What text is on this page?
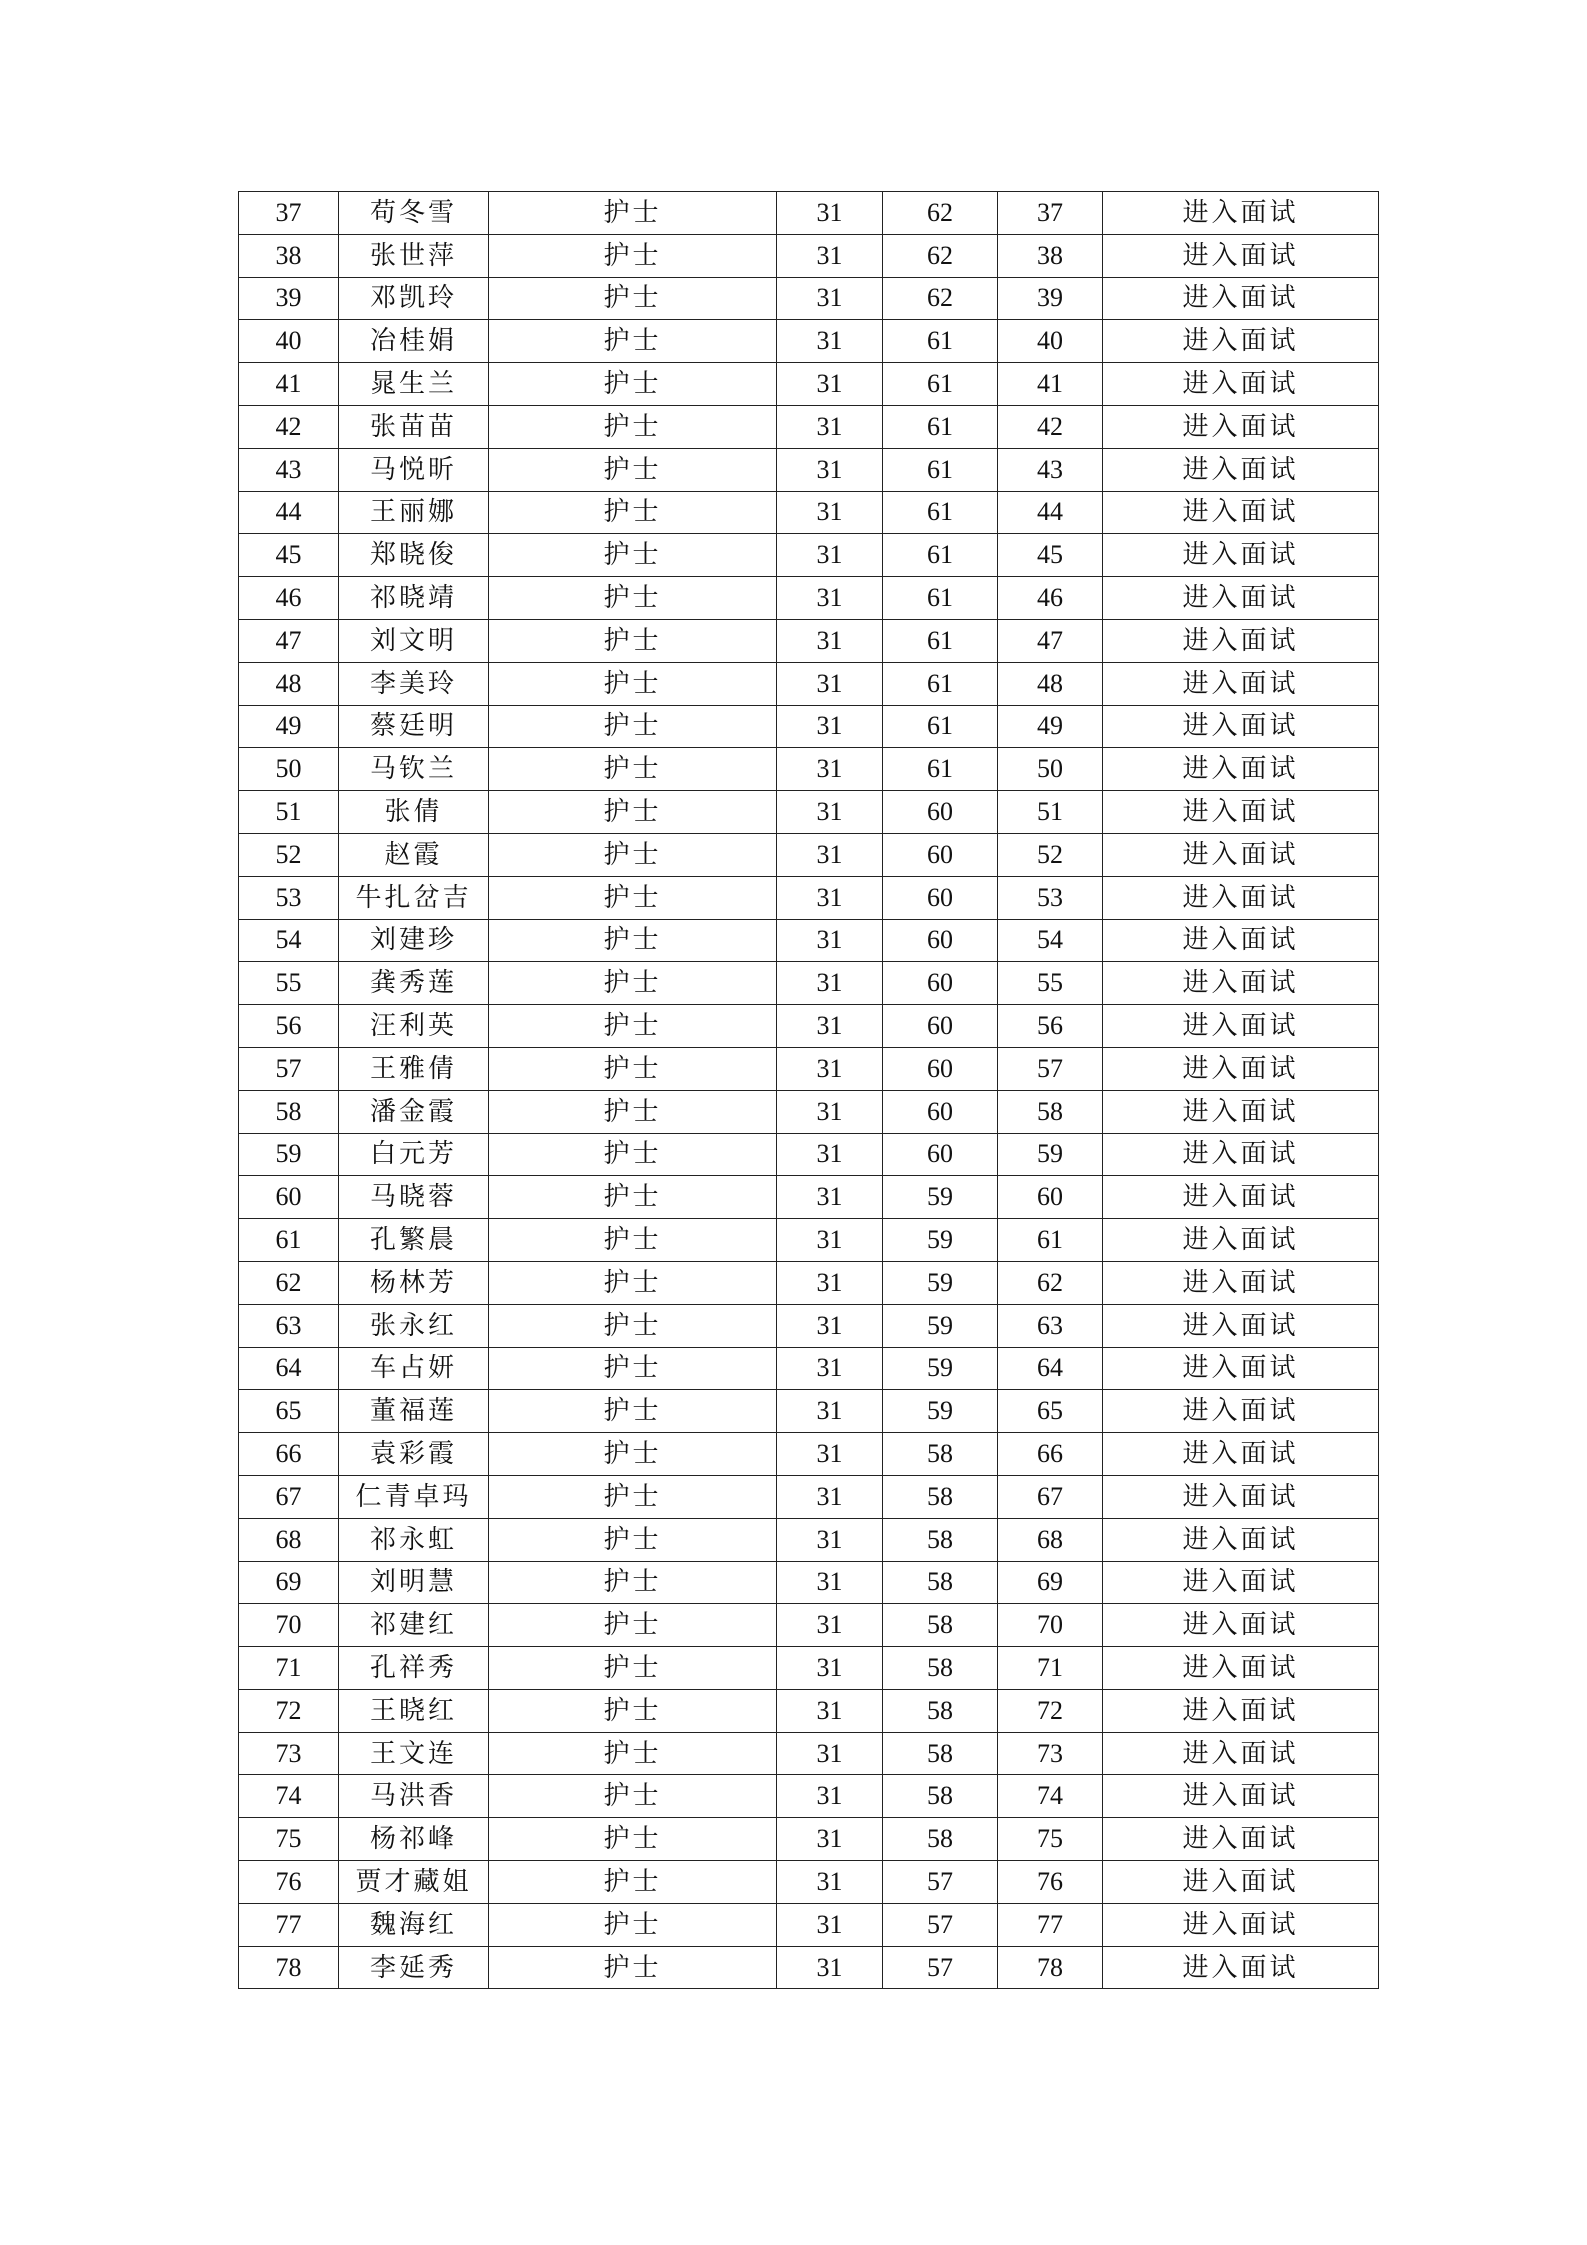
37	苟冬雪	护士	31	62	37	进入面试
38	张世萍	护士	31	62	38	进入面试
39	邓凯玲	护士	31	62	39	进入面试
40	冶桂娟	护士	31	61	40	进入面试
41	晁生兰	护士	31	61	41	进入面试
42	张苗苗	护士	31	61	42	进入面试
43	马悦昕	护士	31	61	43	进入面试
44	王丽娜	护士	31	61	44	进入面试
45	郑晓俊	护士	31	61	45	进入面试
46	祁晓靖	护士	31	61	46	进入面试
47	刘文明	护士	31	61	47	进入面试
48	李美玲	护士	31	61	48	进入面试
49	蔡廷明	护士	31	61	49	进入面试
50	马钦兰	护士	31	61	50	进入面试
51	张倩	护士	31	60	51	进入面试
52	赵霞	护士	31	60	52	进入面试
53	牛扎岔吉	护士	31	60	53	进入面试
54	刘建珍	护士	31	60	54	进入面试
55	龚秀莲	护士	31	60	55	进入面试
56	汪利英	护士	31	60	56	进入面试
57	王雅倩	护士	31	60	57	进入面试
58	潘金霞	护士	31	60	58	进入面试
59	白元芳	护士	31	60	59	进入面试
60	马晓蓉	护士	31	59	60	进入面试
61	孔繁晨	护士	31	59	61	进入面试
62	杨林芳	护士	31	59	62	进入面试
63	张永红	护士	31	59	63	进入面试
64	车占妍	护士	31	59	64	进入面试
65	董福莲	护士	31	59	65	进入面试
66	袁彩霞	护士	31	58	66	进入面试
67	仁青卓玛	护士	31	58	67	进入面试
68	祁永虹	护士	31	58	68	进入面试
69	刘明慧	护士	31	58	69	进入面试
70	祁建红	护士	31	58	70	进入面试
71	孔祥秀	护士	31	58	71	进入面试
72	王晓红	护士	31	58	72	进入面试
73	王文连	护士	31	58	73	进入面试
74	马洪香	护士	31	58	74	进入面试
75	杨祁峰	护士	31	58	75	进入面试
76	贾才藏姐	护士	31	57	76	进入面试
77	魏海红	护士	31	57	77	进入面试
78	李延秀	护士	31	57	78	进入面试
